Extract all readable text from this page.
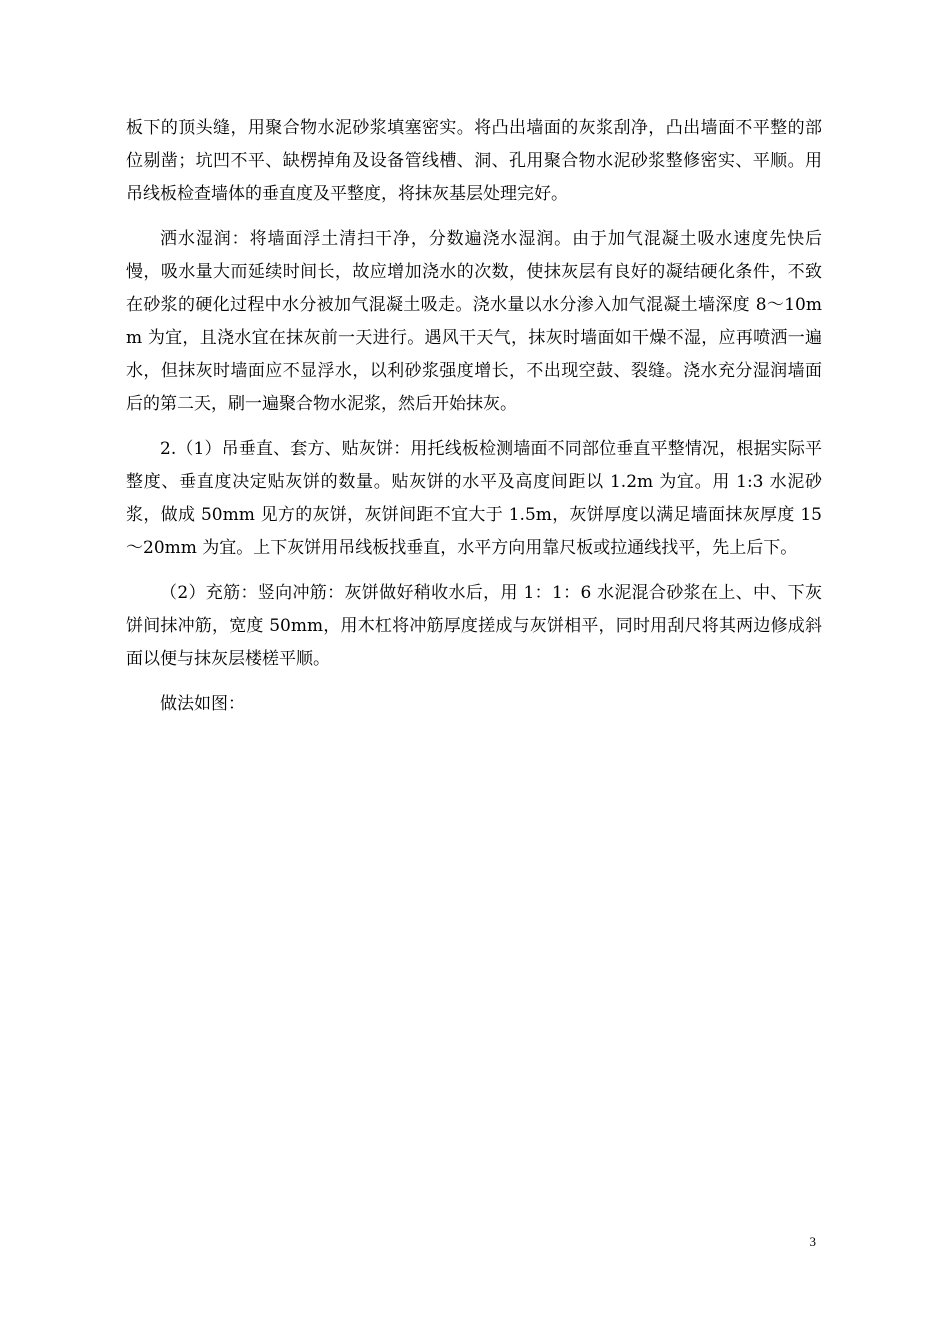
板下的顶头缝，用聚合物水泥砂浆填塞密实。将凸出墙面的灰浆刮净，凸出墙面不平整的部位剔凿；坑凹不平、缺楞掉角及设备管线槽、洞、孔用聚合物水泥砂浆整修密实、平顺。用吊线板检查墙体的垂直度及平整度，将抹灰基层处理完好。

洒水湿润：将墙面浮土清扫干净，分数遍浇水湿润。由于加气混凝土吸水速度先快后慢，吸水量大而延续时间长，故应增加浇水的次数，使抹灰层有良好的凝结硬化条件，不致在砂浆的硬化过程中水分被加气混凝土吸走。浇水量以水分渗入加气混凝土墙深度 8～10mm 为宜，且浇水宜在抹灰前一天进行。遇风干天气，抹灰时墙面如干燥不湿，应再喷洒一遍水，但抹灰时墙面应不显浮水，以利砂浆强度增长，不出现空鼓、裂缝。浇水充分湿润墙面后的第二天，刷一遍聚合物水泥浆，然后开始抹灰。

2.（1）吊垂直、套方、贴灰饼：用托线板检测墙面不同部位垂直平整情况，根据实际平整度、垂直度决定贴灰饼的数量。贴灰饼的水平及高度间距以 1.2m 为宜。用 1:3 水泥砂浆，做成 50mm 见方的灰饼，灰饼间距不宜大于 1.5m，灰饼厚度以满足墙面抹灰厚度 15～20mm 为宜。上下灰饼用吊线板找垂直，水平方向用靠尺板或拉通线找平，先上后下。

（2）充筋：竖向冲筋：灰饼做好稍收水后，用 1：1：6 水泥混合砂浆在上、中、下灰饼间抹冲筋，宽度 50mm，用木杠将冲筋厚度搓成与灰饼相平，同时用刮尺将其两边修成斜面以便与抹灰层楼槎平顺。

做法如图：

3
